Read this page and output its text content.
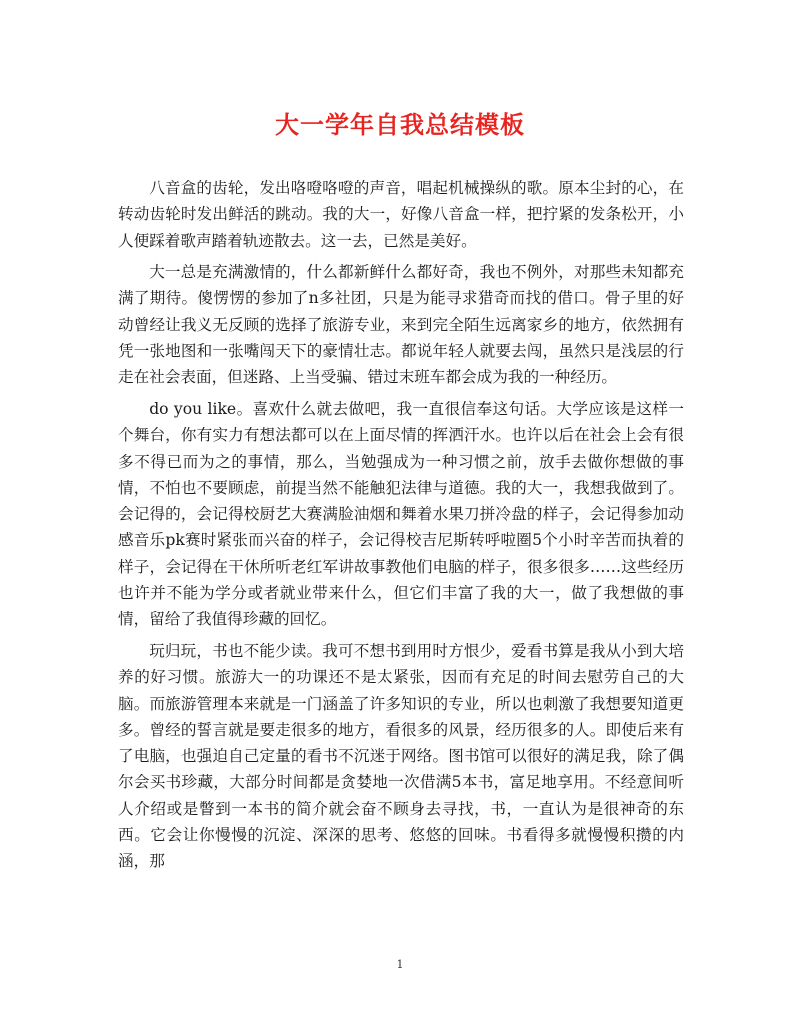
大一学年自我总结模板

八音盒的齿轮，发出咯噔咯噔的声音，唱起机械操纵的歌。原本尘封的心，在转动齿轮时发出鲜活的跳动。我的大一，好像八音盒一样，把拧紧的发条松开，小人便踩着歌声踏着轨迹散去。这一去，已然是美好。

大一总是充满激情的，什么都新鲜什么都好奇，我也不例外，对那些未知都充满了期待。傻愣愣的参加了n多社团，只是为能寻求猎奇而找的借口。骨子里的好动曾经让我义无反顾的选择了旅游专业，来到完全陌生远离家乡的地方，依然拥有凭一张地图和一张嘴闯天下的豪情壮志。都说年轻人就要去闯，虽然只是浅层的行走在社会表面，但迷路、上当受骗、错过末班车都会成为我的一种经历。

do you like。喜欢什么就去做吧，我一直很信奉这句话。大学应该是这样一个舞台，你有实力有想法都可以在上面尽情的挥洒汗水。也许以后在社会上会有很多不得已而为之的事情，那么，当勉强成为一种习惯之前，放手去做你想做的事情，不怕也不要顾虑，前提当然不能触犯法律与道德。我的大一，我想我做到了。会记得的，会记得校厨艺大赛满脸油烟和舞着水果刀拼冷盘的样子，会记得参加动感音乐pk赛时紧张而兴奋的样子，会记得校吉尼斯转呼啦圈5个小时辛苦而执着的样子，会记得在干休所听老红军讲故事教他们电脑的样子，很多很多……这些经历也许并不能为学分或者就业带来什么，但它们丰富了我的大一，做了我想做的事情，留给了我值得珍藏的回忆。

玩归玩，书也不能少读。我可不想书到用时方恨少，爱看书算是我从小到大培养的好习惯。旅游大一的功课还不是太紧张，因而有充足的时间去慰劳自己的大脑。而旅游管理本来就是一门涵盖了许多知识的专业，所以也刺激了我想要知道更多。曾经的誓言就是要走很多的地方，看很多的风景，经历很多的人。即使后来有了电脑，也强迫自己定量的看书不沉迷于网络。图书馆可以很好的满足我，除了偶尔会买书珍藏，大部分时间都是贪婪地一次借满5本书，富足地享用。不经意间听人介绍或是瞥到一本书的简介就会奋不顾身去寻找，书，一直认为是很神奇的东西。它会让你慢慢的沉淀、深深的思考、悠悠的回味。书看得多就慢慢积攒的内涵，那

1
